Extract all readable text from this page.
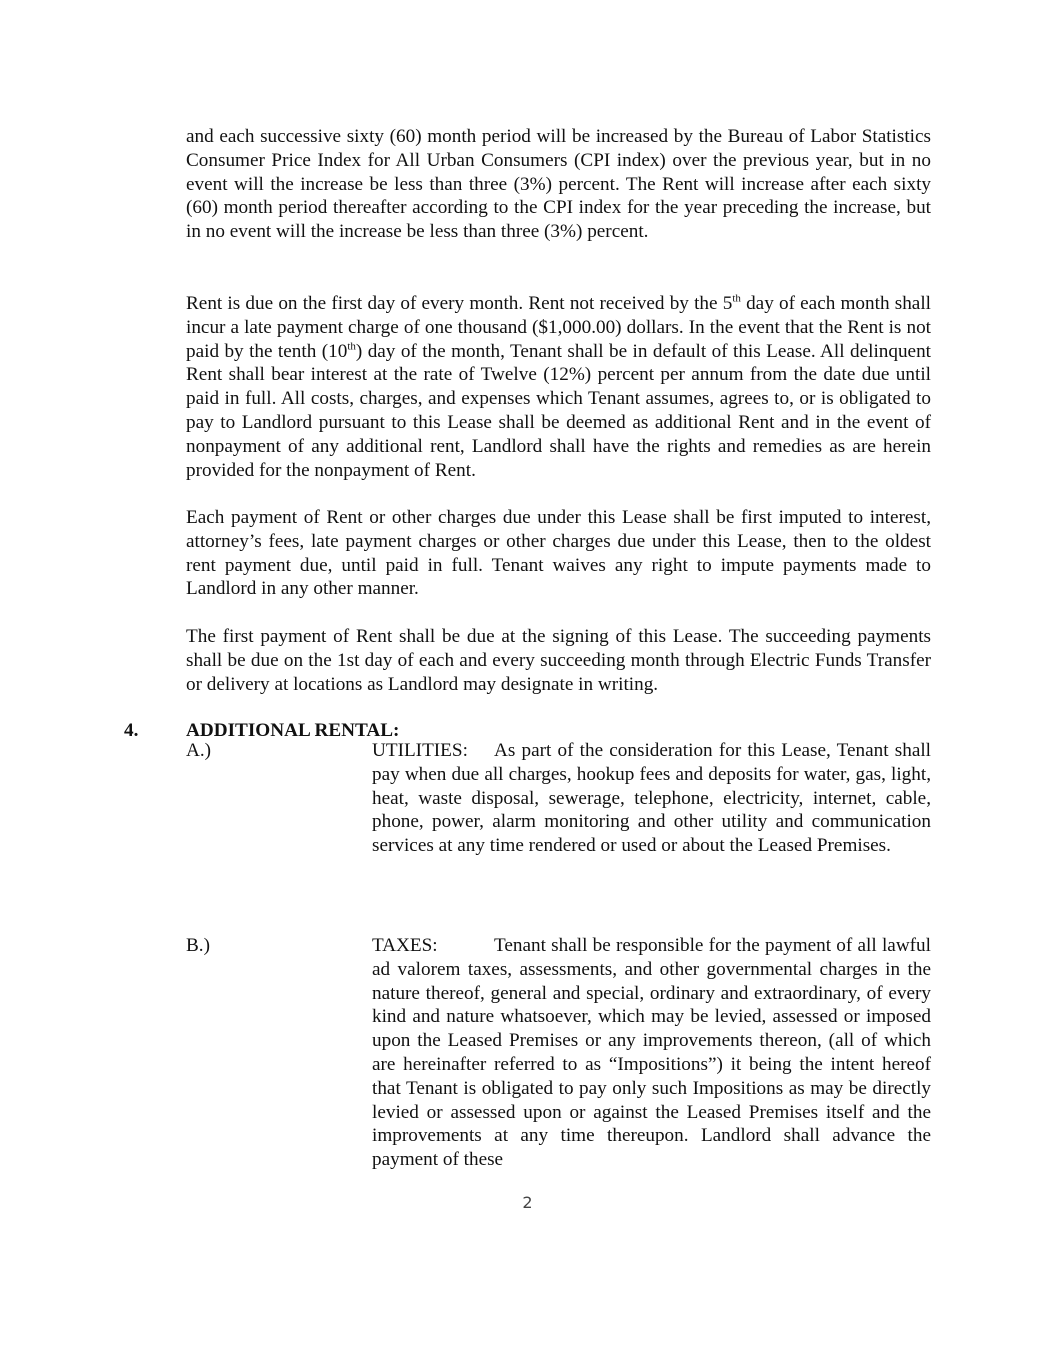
and each successive sixty (60) month period will be increased by the Bureau of Labor Statistics Consumer Price Index for All Urban Consumers (CPI index) over the previous year, but in no event will the increase be less than three (3%) percent. The Rent will increase after each sixty (60) month period thereafter according to the CPI index for the year preceding the increase, but in no event will the increase be less than three (3%) percent.

Rent is due on the first day of every month. Rent not received by the 5th day of each month shall incur a late payment charge of one thousand ($1,000.00) dollars. In the event that the Rent is not paid by the tenth (10th) day of the month, Tenant shall be in default of this Lease. All delinquent Rent shall bear interest at the rate of Twelve (12%) percent per annum from the date due until paid in full. All costs, charges, and expenses which Tenant assumes, agrees to, or is obligated to pay to Landlord pursuant to this Lease shall be deemed as additional Rent and in the event of nonpayment of any additional rent, Landlord shall have the rights and remedies as are herein provided for the nonpayment of Rent.

Each payment of Rent or other charges due under this Lease shall be first imputed to interest, attorney’s fees, late payment charges or other charges due under this Lease, then to the oldest rent payment due, until paid in full. Tenant waives any right to impute payments made to Landlord in any other manner.

The first payment of Rent shall be due at the signing of this Lease. The succeeding payments shall be due on the 1st day of each and every succeeding month through Electric Funds Transfer or delivery at locations as Landlord may designate in writing.

4. ADDITIONAL RENTAL:
A.)	UTILITIES: As part of the consideration for this Lease, Tenant shall pay when due all charges, hookup fees and deposits for water, gas, light, heat, waste disposal, sewerage, telephone, electricity, internet, cable, phone, power, alarm monitoring and other utility and communication services at any time rendered or used or about the Leased Premises.

B.)	TAXES:	Tenant shall be responsible for the payment of all lawful ad valorem taxes, assessments, and other governmental charges in the nature thereof, general and special, ordinary and extraordinary, of every kind and nature whatsoever, which may be levied, assessed or imposed upon the Leased Premises or any improvements thereon, (all of which are hereinafter referred to as “Impositions”) it being the intent hereof that Tenant is obligated to pay only such Impositions as may be directly levied or assessed upon or against the Leased Premises itself and the improvements at any time thereupon. Landlord shall advance the payment of these

2
